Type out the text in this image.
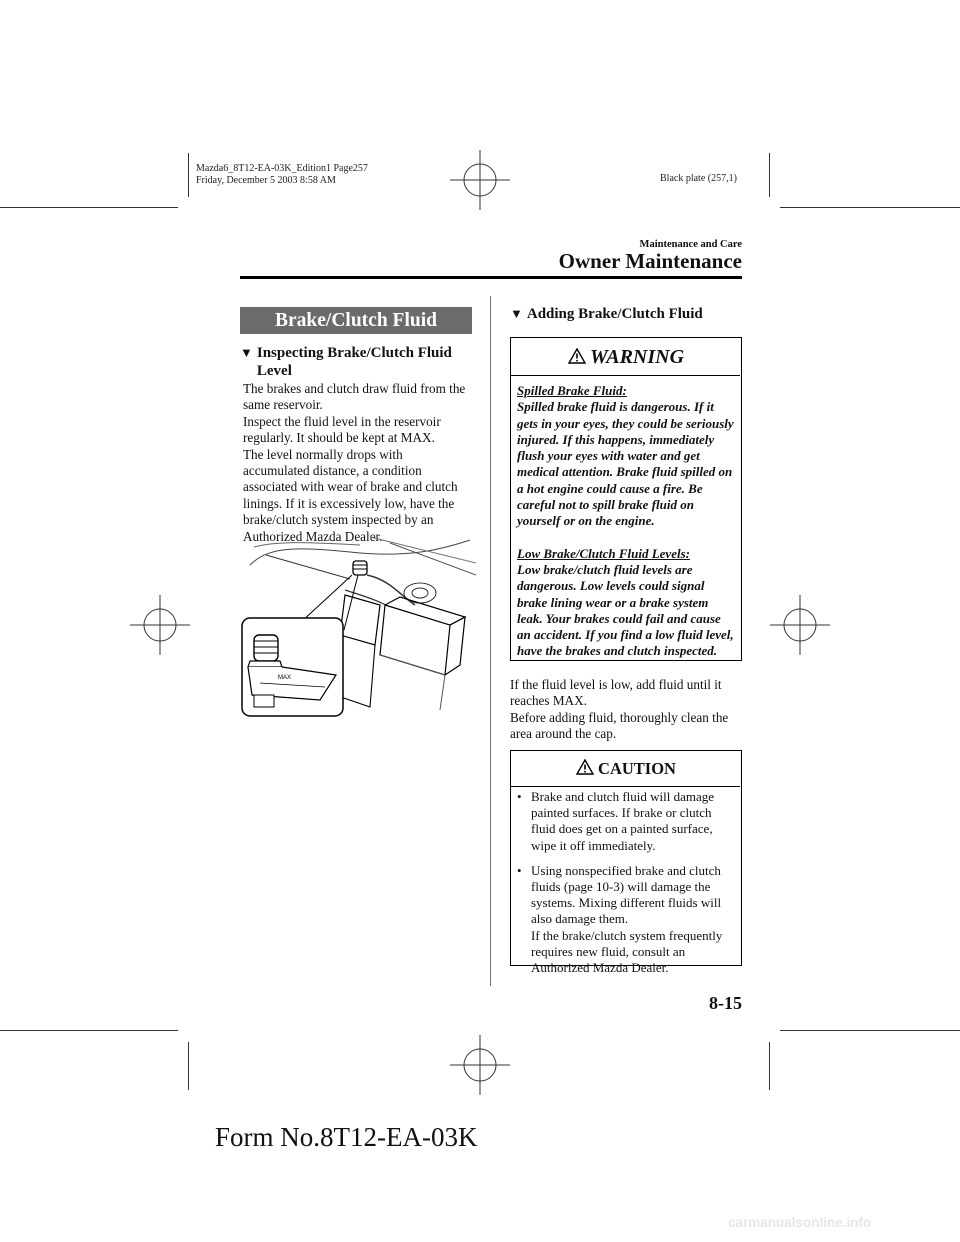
Mazda6_8T12-EA-03K_Edition1 Page257
Friday, December 5 2003 8:58 AM	Black plate (257,1)
Maintenance and Care
Owner Maintenance
Brake/Clutch Fluid
▼ Inspecting Brake/Clutch Fluid Level

The brakes and clutch draw fluid from the same reservoir.

Inspect the fluid level in the reservoir regularly. It should be kept at MAX.

The level normally drops with accumulated distance, a condition associated with wear of brake and clutch linings. If it is excessively low, have the brake/clutch system inspected by an Authorized Mazda Dealer.

MAX
▼ Adding Brake/Clutch Fluid
WARNING
Spilled Brake Fluid:
Spilled brake fluid is dangerous. If it gets in your eyes, they could be seriously injured. If this happens, immediately flush your eyes with water and get medical attention. Brake fluid spilled on a hot engine could cause a fire. Be careful not to spill brake fluid on yourself or on the engine.
Low Brake/Clutch Fluid Levels:
Low brake/clutch fluid levels are dangerous. Low levels could signal brake lining wear or a brake system leak. Your brakes could fail and cause an accident. If you find a low fluid level, have the brakes and clutch inspected.

If the fluid level is low, add fluid until it reaches MAX.

Before adding fluid, thoroughly clean the area around the cap.

CAUTION
• Brake and clutch fluid will damage painted surfaces. If brake or clutch fluid does get on a painted surface, wipe it off immediately.
• Using nonspecified brake and clutch fluids (page 10-3) will damage the systems. Mixing different fluids will also damage them.
If the brake/clutch system frequently requires new fluid, consult an Authorized Mazda Dealer.
8-15
Form No.8T12-EA-03K
carmanualsonline.info
